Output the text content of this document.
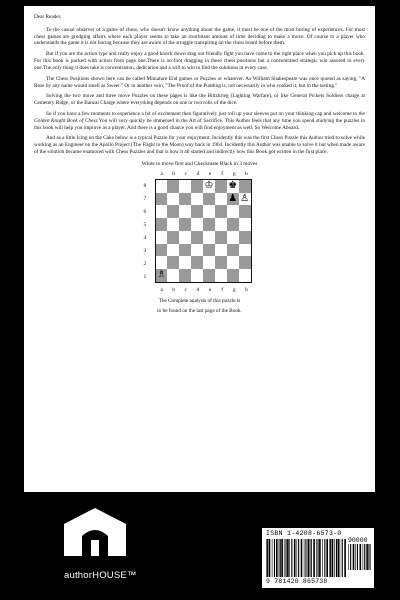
Dear Reader,

To the casual observer of a game of chess, who doesn't know anything about the game, it must be one of the most boring of experiences. For most chess games are grudging affairs where each player seems to take an exorbitant amount of time deciding to make a move. Of course to a player who understands the game it is not boring because they are aware of the struggle transpiring on the chess board before them.

But if you are the action type and really enjoy a good knock down drag out friendly fight you have come to the right place when you pick up this book. For this book is packed with action from page one.There is no foot dragging in these chess positions but a concentrated strategic win assured in every one.The only thing it does take is concentration, dedication and a will to win to find the solutions in every case.

The Chess Positions shown here can be called Miniature End games or Puzzles or whatever. As William Shakespeare was once quoted as saying, "A Rose by any name would smell as Sweet." Or in another vein, "The Proof of the Pudding is, not necessarily in who cooked it, but in the tasting."

Solving the two move and three move Puzzles on these pages is like the Blitzkrieg (Lighting Warfare), or like General Pickets Soldiers charge at Cemetery Ridge, or the Banzai Charge where everything depends on one or two rolls of the dice.

So if you have a few moments to experience a bit of excitement then figuratively just roll up your sleeves put on your thinking cap and welcome to the Golden Knight Book of Chess.You will very quickly be immersed in the Art of Sacrifice. This Author feels that any time you spend studying the puzzles in this book will help you improve as a player. And there is a good chance you will find enjoyment as well. So Welcome Aboard.

And as a little Icing on the Cake below is a typical Puzzle for your enjoyment. Incidently this was the first Chess Puzzle this Author tried to solve while working as an Engineer on the Apollo Project (The Flight to the Moon) way back in 1964. Incidently this Author was unable to solve it but when made aware of the solution became enamored with Chess Puzzles and that is how it all started and indirectly how this Book got written in the first place.

White to move first and Checkmate Black in 3 moves

a	b	c	d	e	f	g	h
8
7
6
5
4
3
2
1
♔ ♚
♟ ♙
♗
a	b	c	d	e	f	g	h

The Complete analysis of this puzzle is

to be found on the last page of the Book.

authorHOUSE™
ISBN 1-4208-6573-0
90000
9 781420 865738
